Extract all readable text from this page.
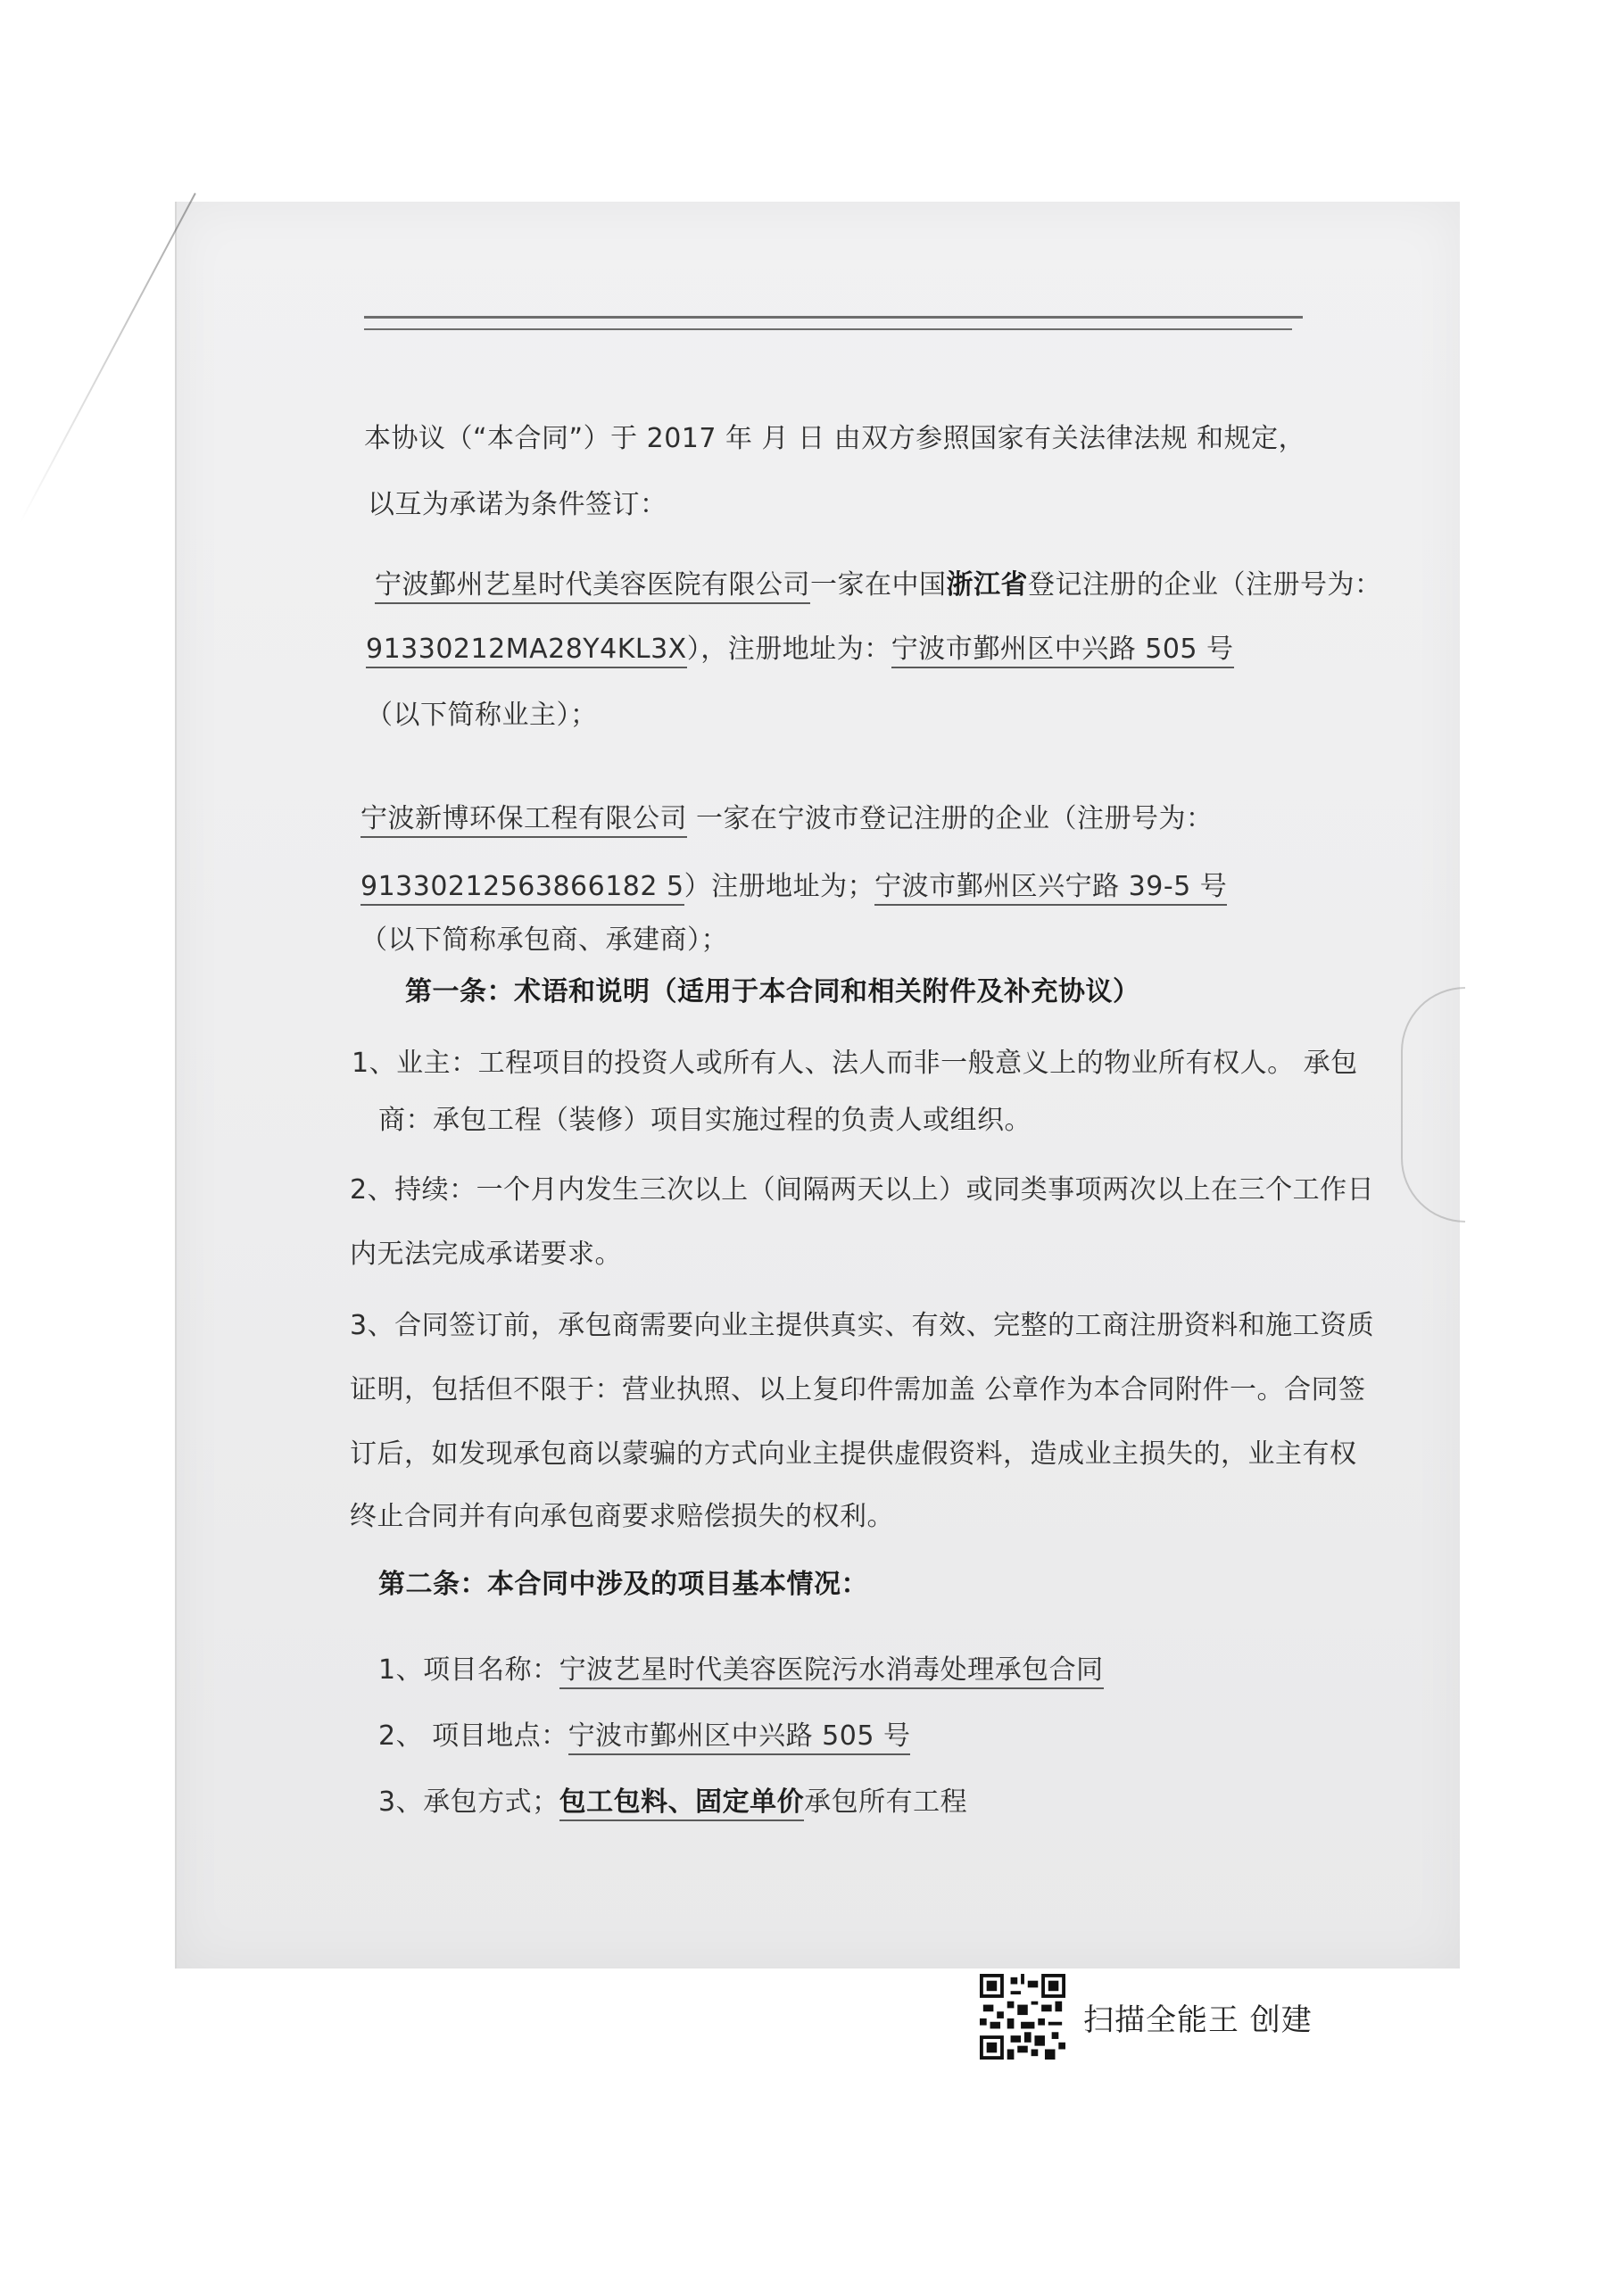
本协议（“本合同”）于 2017 年 月 日 由双方参照国家有关法律法规 和规定，
以互为承诺为条件签订：
宁波鄞州艺星时代美容医院有限公司一家在中国浙江省登记注册的企业（注册号为：
91330212MA28Y4KL3X），注册地址为：宁波市鄞州区中兴路 505 号
（以下简称业主）；
宁波新博环保工程有限公司 一家在宁波市登记注册的企业（注册号为：
91330212563866182 5）注册地址为；宁波市鄞州区兴宁路 39-5 号
（以下简称承包商、承建商）；
第一条：术语和说明（适用于本合同和相关附件及补充协议）
1、业主：工程项目的投资人或所有人、法人而非一般意义上的物业所有权人。 承包
商：承包工程（装修）项目实施过程的负责人或组织。
2、持续：一个月内发生三次以上（间隔两天以上）或同类事项两次以上在三个工作日
内无法完成承诺要求。
3、合同签订前，承包商需要向业主提供真实、有效、完整的工商注册资料和施工资质
证明，包括但不限于：营业执照、以上复印件需加盖 公章作为本合同附件一。合同签
订后，如发现承包商以蒙骗的方式向业主提供虚假资料，造成业主损失的，业主有权
终止合同并有向承包商要求赔偿损失的权利。
第二条：本合同中涉及的项目基本情况：
1、项目名称：宁波艺星时代美容医院污水消毒处理承包合同
2、 项目地点：宁波市鄞州区中兴路 505 号
3、承包方式；包工包料、固定单价承包所有工程
扫描全能王 创建
